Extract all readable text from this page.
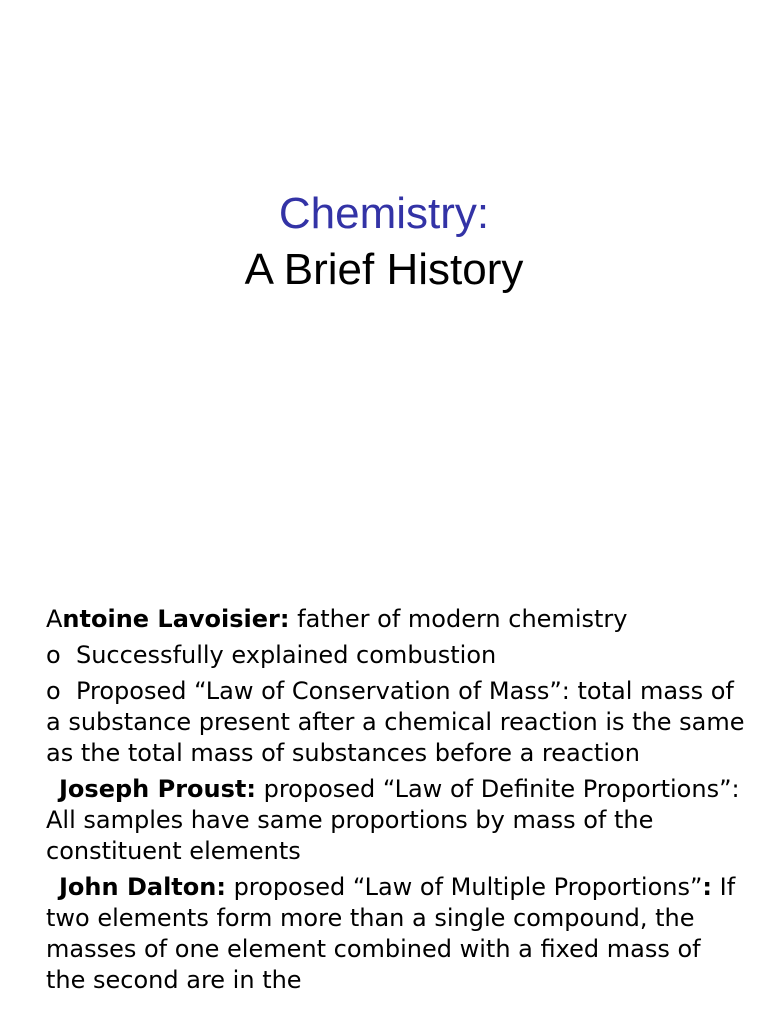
Chemistry:
A Brief History

Antoine Lavoisier: father of modern chemistry

o Successfully explained combustion

o Proposed “Law of Conservation of Mass”: total mass of a substance present after a chemical reaction is the same as the total mass of substances before a reaction

Joseph Proust: proposed “Law of Definite Proportions”: All samples have same proportions by mass of the constituent elements

John Dalton: proposed “Law of Multiple Proportions”: If two elements form more than a single compound, the masses of one element combined with a fixed mass of the second are in the
